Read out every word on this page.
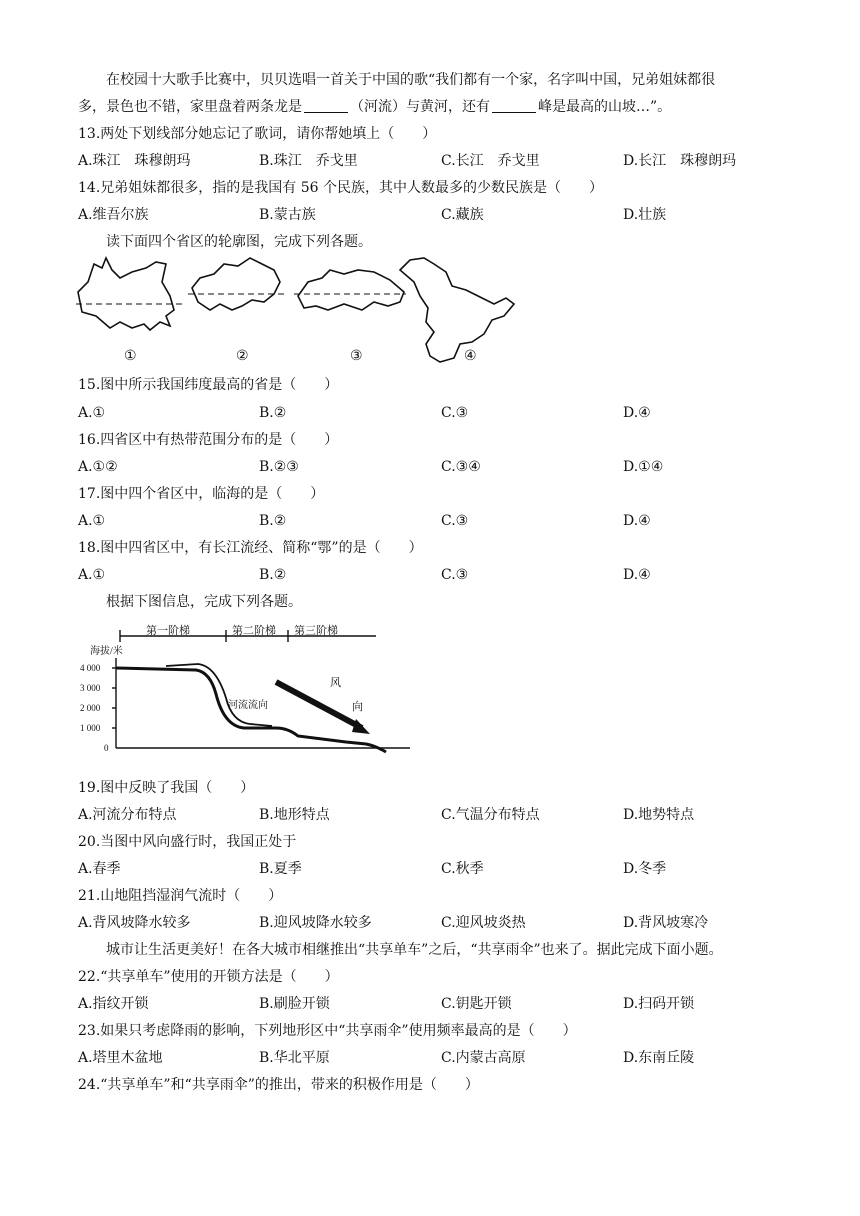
在校园十大歌手比赛中，贝贝选唱一首关于中国的歌“我们都有一个家，名字叫中国，兄弟姐妹都很
多，景色也不错，家里盘着两条龙是	（河流）与黄河，还有	峰是最高的山坡…”。
13.两处下划线部分她忘记了歌词，请你帮她填上（　　）
A.珠江　珠穆朗玛	B.珠江　乔戈里	C.长江　乔戈里	D.长江　珠穆朗玛
14.兄弟姐妹都很多，指的是我国有 56 个民族，其中人数最多的少数民族是（　　）
A.维吾尔族	B.蒙古族	C.藏族	D.壮族
读下面四个省区的轮廓图，完成下列各题。
①	②	③	④
15.图中所示我国纬度最高的省是（　　）
A.①	B.②	C.③	D.④
16.四省区中有热带范围分布的是（　　）
A.①②	B.②③	C.③④	D.①④
17.图中四个省区中，临海的是（　　）
A.①	B.②	C.③	D.④
18.图中四省区中，有长江流经、简称“鄂”的是（　　）
A.①	B.②	C.③	D.④
根据下图信息，完成下列各题。
第一阶梯	第二阶梯 第三阶梯
海拔/米
4 000
3 000
2 000
1 000
0
河流流向
风
向
19.图中反映了我国（　　）
A.河流分布特点	B.地形特点	C.气温分布特点	D.地势特点
20.当图中风向盛行时，我国正处于
A.春季	B.夏季	C.秋季	D.冬季
21.山地阻挡湿润气流时（　　）
A.背风坡降水较多	B.迎风坡降水较多	C.迎风坡炎热	D.背风坡寒冷
城市让生活更美好！在各大城市相继推出“共享单车”之后，“共享雨伞”也来了。据此完成下面小题。
22.“共享单车”使用的开锁方法是（　　）
A.指纹开锁	B.刷脸开锁	C.钥匙开锁	D.扫码开锁
23.如果只考虑降雨的影响，下列地形区中“共享雨伞”使用频率最高的是（　　）
A.塔里木盆地	B.华北平原	C.内蒙古高原	D.东南丘陵
24.“共享单车”和“共享雨伞”的推出，带来的积极作用是（　　）
